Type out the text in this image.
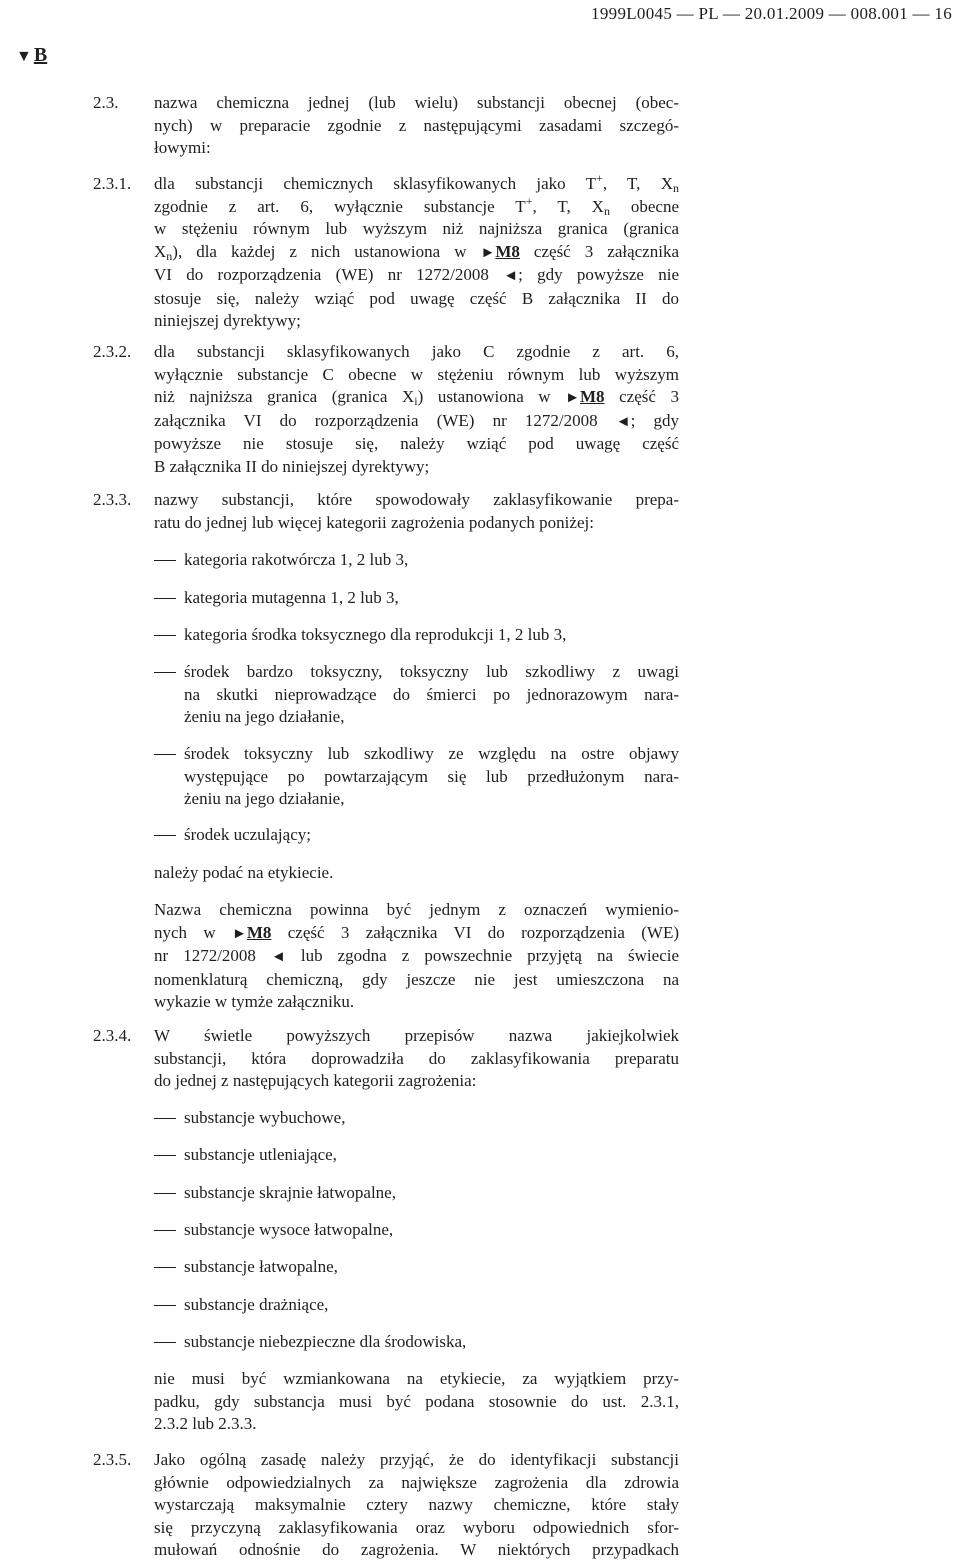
1999L0045 — PL — 20.01.2009 — 008.001 — 16
▼ B
2.3. nazwa chemiczna jednej (lub wielu) substancji obecnej (obec-
nych) w preparacie zgodnie z następującymi zasadami szczegó-
łowymi:
2.3.1. dla substancji chemicznych sklasyfikowanych jako T+, T, $X_n$
zgodnie z art. 6, wyłącznie substancje T+, T, $X_n$ obecne
w stężeniu równym lub wyższym niż najniższa granica (granica
$X_n$), dla każdej z nich ustanowiona w ►M8 część 3 załącznika
VI do rozporządzenia (WE) nr 1272/2008 ◄; gdy powyższe nie
stosuje się, należy wziąć pod uwagę część B załącznika II do
niniejszej dyrektywy;
2.3.2. dla substancji sklasyfikowanych jako C zgodnie z art. 6,
wyłącznie substancje C obecne w stężeniu równym lub wyższym
niż najniższa granica (granica $X_i$) ustanowiona w ►M8 część 3
załącznika VI do rozporządzenia (WE) nr 1272/2008 ◄; gdy
powyższe nie stosuje się, należy wziąć pod uwagę część
B załącznika II do niniejszej dyrektywy;
2.3.3. nazwy substancji, które spowodowały zaklasyfikowanie prepa-
ratu do jednej lub więcej kategorii zagrożenia podanych poniżej:
kategoria rakotwórcza 1, 2 lub 3,
kategoria mutagenna 1, 2 lub 3,
kategoria środka toksycznego dla reprodukcji 1, 2 lub 3,
środek bardzo toksyczny, toksyczny lub szkodliwy z uwagi
na skutki nieprowadzące do śmierci po jednorazowym nara-
żeniu na jego działanie,
środek toksyczny lub szkodliwy ze względu na ostre objawy
występujące po powtarzającym się lub przedłużonym nara-
żeniu na jego działanie,
środek uczulający;
należy podać na etykiecie.
Nazwa chemiczna powinna być jednym z oznaczeń wymienio-
nych w ►M8 część 3 załącznika VI do rozporządzenia (WE)
nr 1272/2008 ◄ lub zgodna z powszechnie przyjętą na świecie
nomenklaturą chemiczną, gdy jeszcze nie jest umieszczona na
wykazie w tymże załączniku.
2.3.4. W świetle powyższych przepisów nazwa jakiejkolwiek
substancji, która doprowadziła do zaklasyfikowania preparatu
do jednej z następujących kategorii zagrożenia:
substancje wybuchowe,
substancje utleniające,
substancje skrajnie łatwopalne,
substancje wysoce łatwopalne,
substancje łatwopalne,
substancje drażniące,
substancje niebezpieczne dla środowiska,
nie musi być wzmiankowana na etykiecie, za wyjątkiem przy-
padku, gdy substancja musi być podana stosownie do ust. 2.3.1,
2.3.2 lub 2.3.3.
2.3.5. Jako ogólną zasadę należy przyjąć, że do identyfikacji substancji
głównie odpowiedzialnych za największe zagrożenia dla zdrowia
wystarczają maksymalnie cztery nazwy chemiczne, które stały
się przyczyną zaklasyfikowania oraz wyboru odpowiednich sfor-
mułowań odnośnie do zagrożenia. W niektórych przypadkach
